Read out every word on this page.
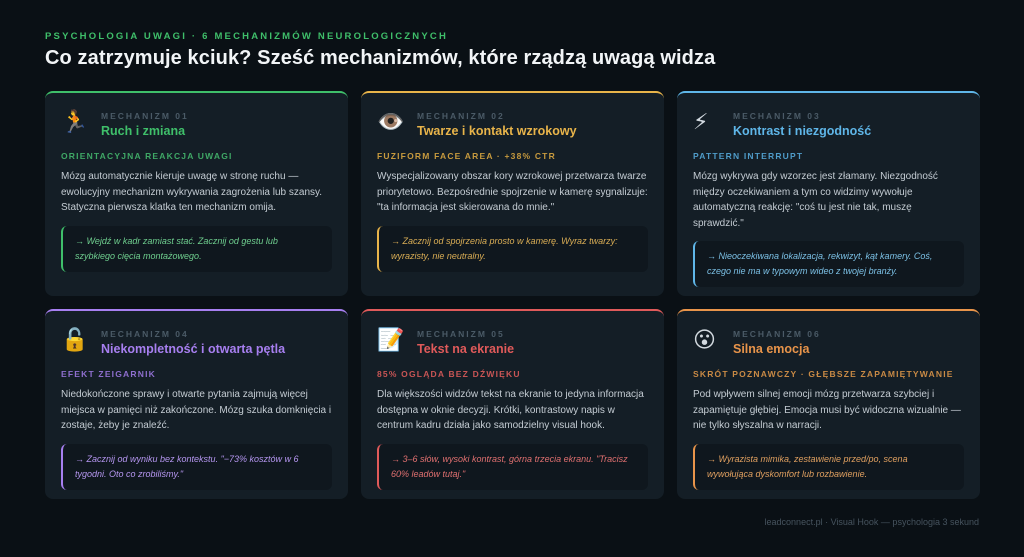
PSYCHOLOGIA UWAGI · 6 MECHANIZMÓW NEUROLOGICZNYCH
Co zatrzymuje kciuk? Sześć mechanizmów, które rządzą uwagą widza
🏃	MECHANIZM 01
Ruch i zmiana
ORIENTACYJNA REAKCJA UWAGI
Mózg automatycznie kieruje uwagę w stronę ruchu — ewolucyjny mechanizm wykrywania zagrożenia lub szansy. Statyczna pierwsza klatka ten mechanizm omija.
→ Wejdź w kadr zamiast stać. Zacznij od gestu lub szybkiego cięcia montażowego.
👁️	MECHANIZM 02
Twarze i kontakt wzrokowy
FUZIFORM FACE AREA · +38% CTR
Wyspecjalizowany obszar kory wzrokowej przetwarza twarze priorytetowo. Bezpośrednie spojrzenie w kamerę sygnalizuje: "ta informacja jest skierowana do mnie."
→ Zacznij od spojrzenia prosto w kamerę. Wyraz twarzy: wyrazisty, nie neutralny.
⚡	MECHANIZM 03
Kontrast i niezgodność
PATTERN INTERRUPT
Mózg wykrywa gdy wzorzec jest złamany. Niezgodność między oczekiwaniem a tym co widzimy wywołuje automatyczną reakcję: "coś tu jest nie tak, muszę sprawdzić."
→ Nieoczekiwana lokalizacja, rekwizyt, kąt kamery. Coś, czego nie ma w typowym wideo z twojej branży.
🔓	MECHANIZM 04
Niekompletność i otwarta pętla
EFEKT ZEIGARNIK
Niedokończone sprawy i otwarte pytania zajmują więcej miejsca w pamięci niż zakończone. Mózg szuka domknięcia i zostaje, żeby je znaleźć.
→ Zacznij od wyniku bez kontekstu. "−73% kosztów w 6 tygodni. Oto co zrobiliśmy."
📝	MECHANIZM 05
Tekst na ekranie
85% OGLĄDA BEZ DŹWIĘKU
Dla większości widzów tekst na ekranie to jedyna informacja dostępna w oknie decyzji. Krótki, kontrastowy napis w centrum kadru działa jako samodzielny visual hook.
→ 3–6 słów, wysoki kontrast, górna trzecia ekranu. "Tracisz 60% leadów tutaj."
😮	MECHANIZM 06
Silna emocja
SKRÓT POZNAWCZY · GŁĘBSZE ZAPAMIĘTYWANIE
Pod wpływem silnej emocji mózg przetwarza szybciej i zapamiętuje głębiej. Emocja musi być widoczna wizualnie — nie tylko słyszalna w narracji.
→ Wyrazista mimika, zestawienie przed/po, scena wywołująca dyskomfort lub rozbawienie.
leadconnect.pl · Visual Hook — psychologia 3 sekund
